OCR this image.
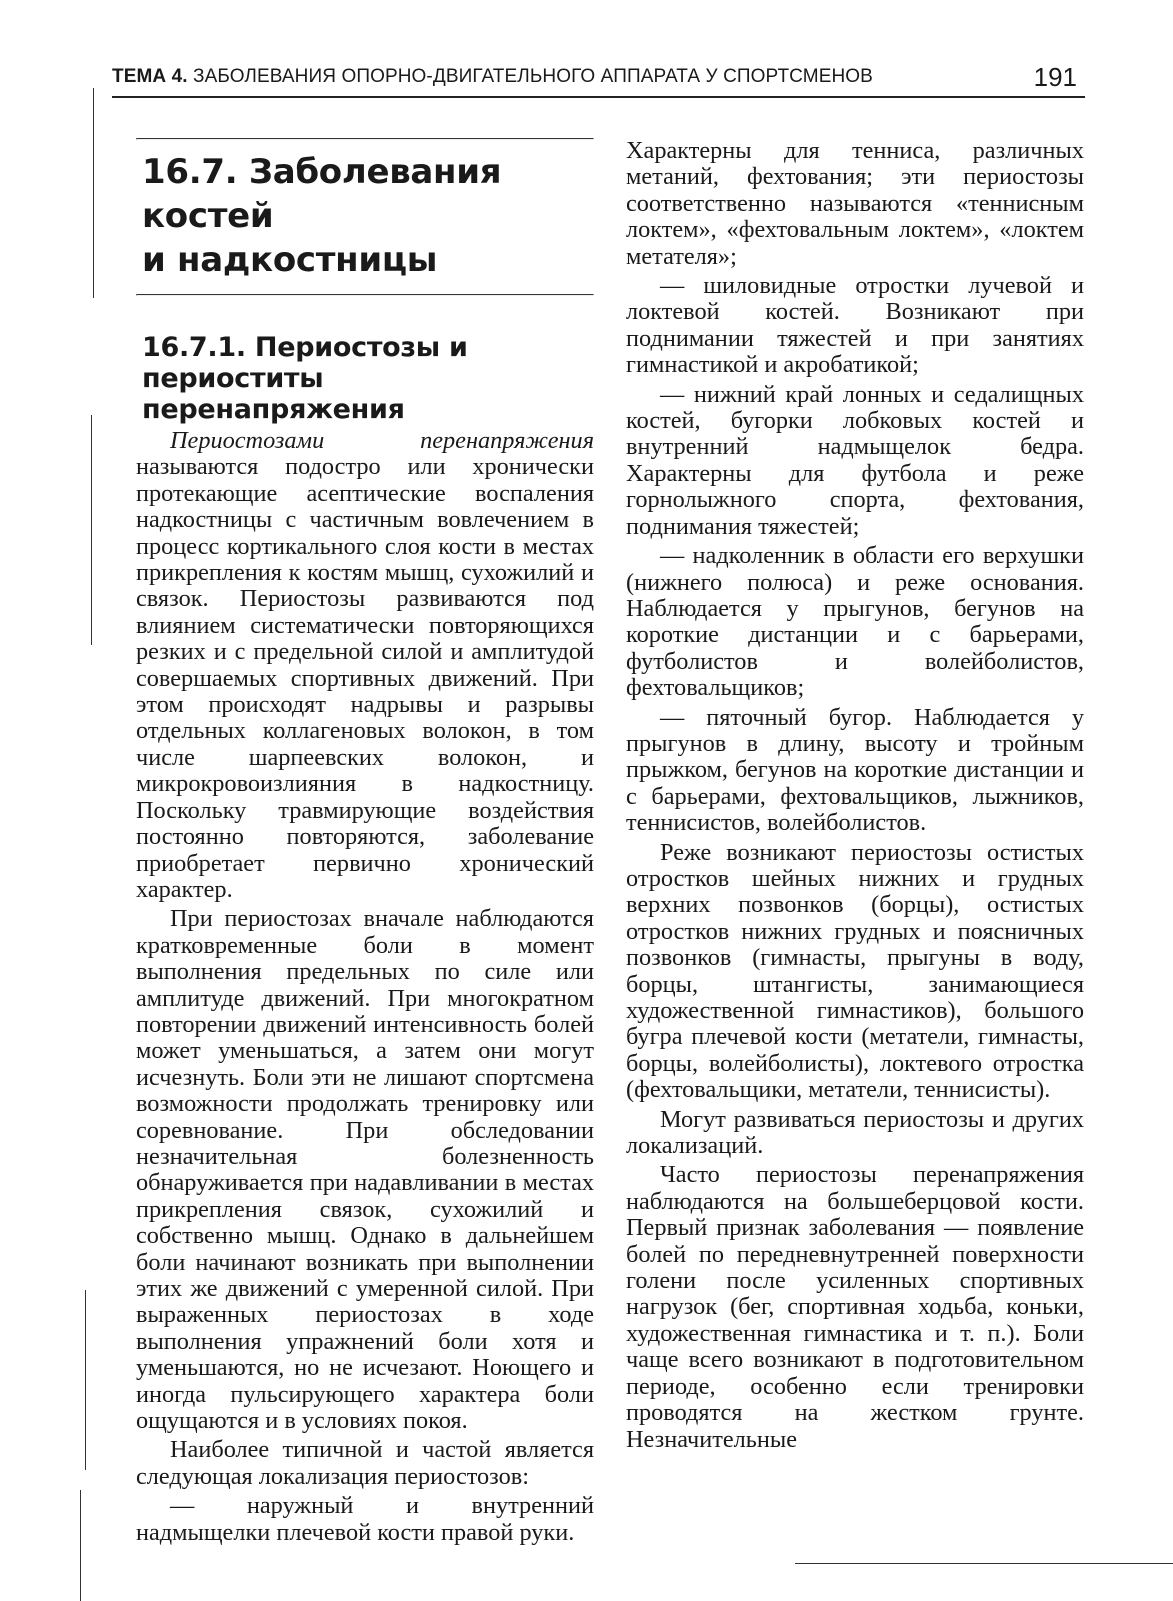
ТЕМА 4. ЗАБОЛЕВАНИЯ ОПОРНО-ДВИГАТЕЛЬНОГО АППАРАТА У СПОРТСМЕНОВ	191
16.7. Заболевания костей
и надкостницы
16.7.1. Периостозы и периоститы
перенапряжения

Периостозами перенапряжения называются подостро или хронически протекающие асептические воспаления надкостницы с частичным вовлечением в процесс кортикального слоя кости в местах прикрепления к костям мышц, сухожилий и связок. Периостозы развиваются под влиянием систематически повторяющихся резких и с предельной силой и амплитудой совершаемых спортивных движений. При этом происходят надрывы и разрывы отдельных коллагеновых волокон, в том числе шарпеевских волокон, и микрокровоизлияния в надкостницу. Поскольку травмирующие воздействия постоянно повторяются, заболевание приобретает первично хронический характер.

При периостозах вначале наблюдаются кратковременные боли в момент выполнения предельных по силе или амплитуде движений. При многократном повторении движений интенсивность болей может уменьшаться, а затем они могут исчезнуть. Боли эти не лишают спортсмена возможности продолжать тренировку или соревнование. При обследовании незначительная болезненность обнаруживается при надавливании в местах прикрепления связок, сухожилий и собственно мышц. Однако в дальнейшем боли начинают возникать при выполнении этих же движений с умеренной силой. При выраженных периостозах в ходе выполнения упражнений боли хотя и уменьшаются, но не исчезают. Ноющего и иногда пульсирующего характера боли ощущаются и в условиях покоя.

Наиболее типичной и частой является следующая локализация периостозов:

— наружный и внутренний надмыщелки плечевой кости правой руки.

Характерны для тенниса, различных метаний, фехтования; эти периостозы соответственно называются «теннисным локтем», «фехтовальным локтем», «локтем метателя»;

— шиловидные отростки лучевой и локтевой костей. Возникают при поднимании тяжестей и при занятиях гимнастикой и акробатикой;

— нижний край лонных и седалищных костей, бугорки лобковых костей и внутренний надмыщелок бедра. Характерны для футбола и реже горнолыжного спорта, фехтования, поднимания тяжестей;

— надколенник в области его верхушки (нижнего полюса) и реже основания. Наблюдается у прыгунов, бегунов на короткие дистанции и с барьерами, футболистов и волейболистов, фехтовальщиков;

— пяточный бугор. Наблюдается у прыгунов в длину, высоту и тройным прыжком, бегунов на короткие дистанции и с барьерами, фехтовальщиков, лыжников, теннисистов, волейболистов.

Реже возникают периостозы остистых отростков шейных нижних и грудных верхних позвонков (борцы), остистых отростков нижних грудных и поясничных позвонков (гимнасты, прыгуны в воду, борцы, штангисты, занимающиеся художественной гимнастиков), большого бугра плечевой кости (метатели, гимнасты, борцы, волейболисты), локтевого отростка (фехтовальщики, метатели, теннисисты).

Могут развиваться периостозы и других локализаций.

Часто периостозы перенапряжения наблюдаются на большеберцовой кости. Первый признак заболевания — появление болей по передневнутренней поверхности голени после усиленных спортивных нагрузок (бег, спортивная ходьба, коньки, художественная гимнастика и т. п.). Боли чаще всего возникают в подготовительном периоде, особенно если тренировки проводятся на жестком грунте. Незначительные
